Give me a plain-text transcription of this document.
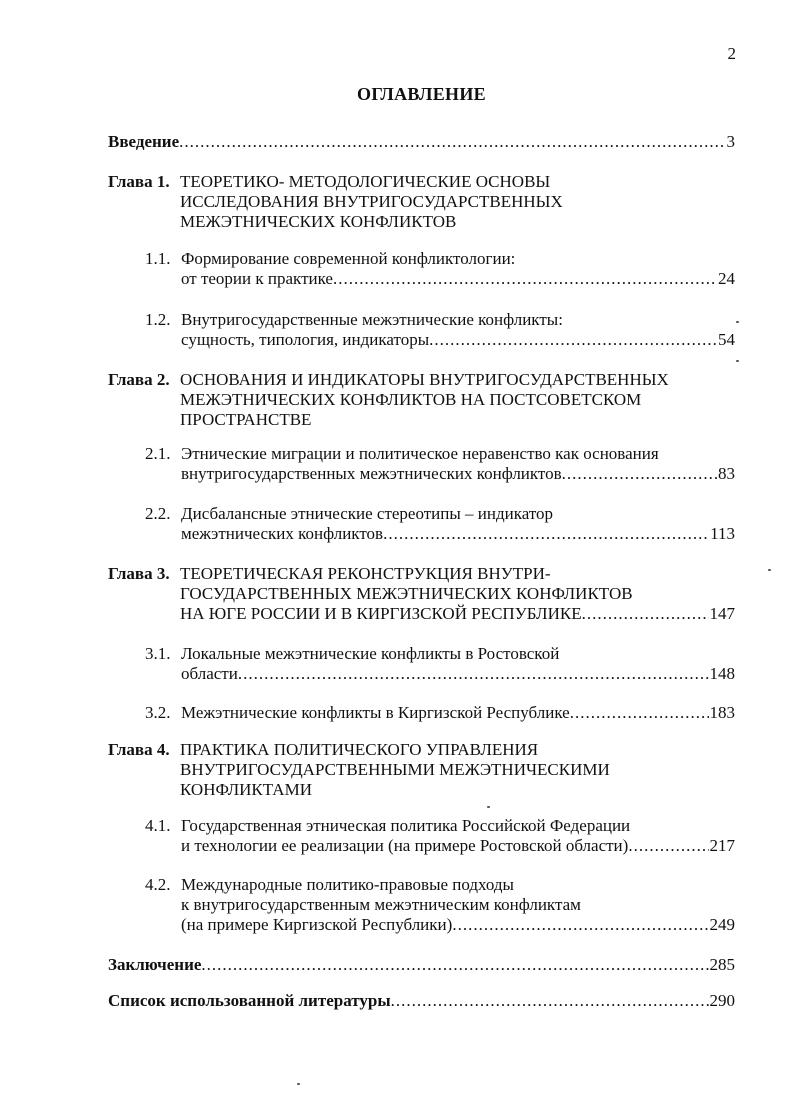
2
ОГЛАВЛЕНИЕ
Введение .....	3
Глава 1. ТЕОРЕТИКО- МЕТОДОЛОГИЧЕСКИЕ ОСНОВЫ
ИССЛЕДОВАНИЯ ВНУТРИГОСУДАРСТВЕННЫХ
МЕЖЭТНИЧЕСКИХ КОНФЛИКТОВ
1.1. Формирование современной конфликтологии:
от теории к практике .....	24
1.2. Внутригосударственные межэтнические конфликты:
сущность, типология, индикаторы .....	54
Глава 2. ОСНОВАНИЯ И ИНДИКАТОРЫ ВНУТРИГОСУДАРСТВЕННЫХ
МЕЖЭТНИЧЕСКИХ КОНФЛИКТОВ НА ПОСТСОВЕТСКОМ
ПРОСТРАНСТВЕ
2.1. Этнические миграции и политическое неравенство как основания
внутригосударственных межэтнических конфликтов .....	83
2.2. Дисбалансные этнические стереотипы – индикатор
межэтнических конфликтов .....	113
Глава 3. ТЕОРЕТИЧЕСКАЯ РЕКОНСТРУКЦИЯ ВНУТРИ-
ГОСУДАРСТВЕННЫХ МЕЖЭТНИЧЕСКИХ КОНФЛИКТОВ
НА ЮГЕ РОССИИ И В КИРГИЗСКОЙ РЕСПУБЛИКЕ .....	147
3.1. Локальные межэтнические конфликты в Ростовской
области .....	148
3.2. Межэтнические конфликты в Киргизской Республике .....	183
Глава 4. ПРАКТИКА ПОЛИТИЧЕСКОГО УПРАВЛЕНИЯ
ВНУТРИГОСУДАРСТВЕННЫМИ МЕЖЭТНИЧЕСКИМИ
КОНФЛИКТАМИ
4.1. Государственная этническая политика Российской Федерации
и технологии ее реализации (на примере Ростовской области) .....	217
4.2. Международные политико-правовые подходы
к внутригосударственным межэтническим конфликтам
(на примере Киргизской Республики) .....	249
Заключение .....	285
Список использованной литературы .....	290
